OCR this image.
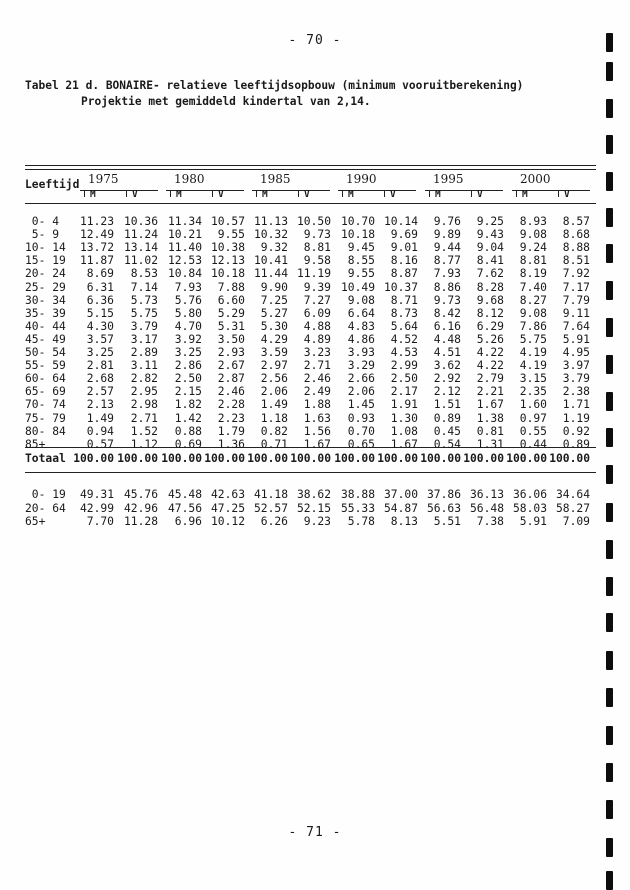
- 70 -
Tabel 21 d. BONAIRE- relatieve leeftijdsopbouw (minimum vooruitberekening)
Projektie met gemiddeld kindertal van 2,14.
Leeftijd 1975
M	V
1980
M	V
1985
M	V
1990
M	V
1995
M	V
2000
M	V
0- 4	11.23 10.36 11.34 10.57 11.13 10.50 10.70 10.14	9.76	9.25	8.93	8.57
5- 9	12.49 11.24 10.21	9.55 10.32	9.73 10.18	9.69	9.89	9.43	9.08	8.68
10- 14	13.72 13.14 11.40 10.38	9.32	8.81	9.45	9.01	9.44	9.04	9.24	8.88
15- 19	11.87 11.02 12.53 12.13 10.41	9.58	8.55	8.16	8.77	8.41	8.81	8.51
20- 24	8.69	8.53 10.84 10.18 11.44 11.19	9.55	8.87	7.93	7.62	8.19	7.92
25- 29	6.31	7.14	7.93	7.88	9.90	9.39 10.49 10.37	8.86	8.28	7.40	7.17
30- 34	6.36	5.73	5.76	6.60	7.25	7.27	9.08	8.71	9.73	9.68	8.27	7.79
35- 39	5.15	5.75	5.80	5.29	5.27	6.09	6.64	8.73	8.42	8.12	9.08	9.11
40- 44	4.30	3.79	4.70	5.31	5.30	4.88	4.83	5.64	6.16	6.29	7.86	7.64
45- 49	3.57	3.17	3.92	3.50	4.29	4.89	4.86	4.52	4.48	5.26	5.75	5.91
50- 54	3.25	2.89	3.25	2.93	3.59	3.23	3.93	4.53	4.51	4.22	4.19	4.95
55- 59	2.81	3.11	2.86	2.67	2.97	2.71	3.29	2.99	3.62	4.22	4.19	3.97
60- 64	2.68	2.82	2.50	2.87	2.56	2.46	2.66	2.50	2.92	2.79	3.15	3.79
65- 69	2.57	2.95	2.15	2.46	2.06	2.49	2.06	2.17	2.12	2.21	2.35	2.38
70- 74	2.13	2.98	1.82	2.28	1.49	1.88	1.45	1.91	1.51	1.67	1.60	1.71
75- 79	1.49	2.71	1.42	2.23	1.18	1.63	0.93	1.30	0.89	1.38	0.97	1.19
80- 84	0.94	1.52	0.88	1.79	0.82	1.56	0.70	1.08	0.45	0.81	0.55	0.92
85+	0.57	1.12	0.69	1.36	0.71	1.67	0.65	1.67	0.54	1.31	0.44	0.89
Totaal 100.00 100.00 100.00 100.00 100.00 100.00 100.00 100.00 100.00 100.00 100.00 100.00
0- 19	49.31 45.76 45.48 42.63 41.18 38.62 38.88 37.00 37.86 36.13 36.06 34.64
20- 64	42.99 42.96 47.56 47.25 52.57 52.15 55.33 54.87 56.63 56.48 58.03 58.27
65+	7.70 11.28	6.96 10.12	6.26	9.23	5.78	8.13	5.51	7.38	5.91	7.09
- 71 -
